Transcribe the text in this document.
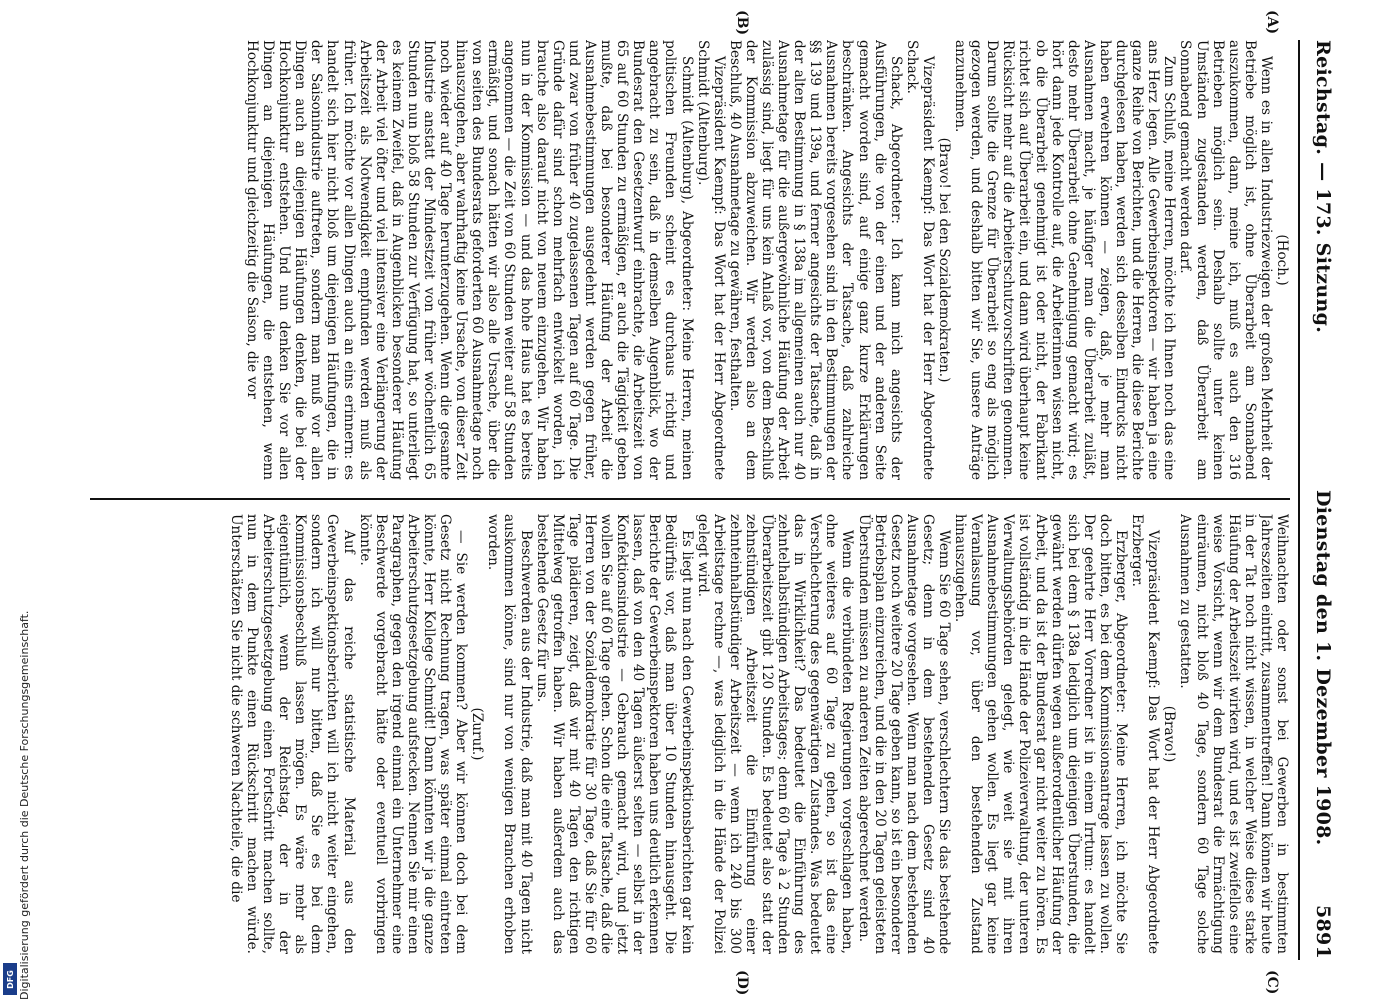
Reichstag. — 173. Sitzung.
Dienstag den 1. Dezember 1908.
5891
(A)
(B)
(C)
(D)

(Hoch.)

Wenn es in allen Industriezweigen der großen Mehrheit der Betriebe möglich ist, ohne Überarbeit am Sonnabend auszukommen, dann, meine ich, muß es auch den 316 Betrieben möglich sein. Deshalb sollte unter keinen Umständen zugestanden werden, daß Überarbeit am Sonnabend gemacht werden darf.

Zum Schluß, meine Herren, möchte ich Ihnen noch das eine ans Herz legen. Alle Gewerbeinspektoren — wir haben ja eine ganze Reihe von Berichten, und die Herren, die diese Berichte durchgelesen haben, werden sich desselben Eindrucks nicht haben erwehren können — zeigen, daß, je mehr man Ausnahmen macht, je häufiger man die Überarbeit zuläßt, desto mehr Überarbeit ohne Genehmigung gemacht wird; es hört dann jede Kontrolle auf, die Arbeiterinnen wissen nicht, ob die Überarbeit genehmigt ist oder nicht, der Fabrikant richtet sich auf Überarbeit ein, und dann wird überhaupt keine Rücksicht mehr auf die Arbeiterschutzvorschriften genommen. Darum sollte die Grenze für Überarbeit so eng als möglich gezogen werden, und deshalb bitten wir Sie, unsere Anträge anzunehmen.

(Bravo! bei den Sozialdemokraten.)

Vizepräsident Kaempf: Das Wort hat der Herr Abgeordnete Schack.

Schack, Abgeordneter: Ich kann mich angesichts der Ausführungen, die von der einen und der anderen Seite gemacht worden sind, auf einige ganz kurze Erklärungen beschränken. Angesichts der Tatsache, daß zahlreiche Ausnahmen bereits vorgesehen sind in den Bestimmungen der §§ 139 und 139a, und ferner angesichts der Tatsache, daß in der alten Bestimmung in § 138a im allgemeinen auch nur 40 Ausnahmetage für die außergewöhnliche Häufung der Arbeit zulässig sind, liegt für uns kein Anlaß vor, von dem Beschluß der Kommission abzuweichen. Wir werden also an dem Beschluß, 40 Ausnahmetage zu gewähren, festhalten.

Vizepräsident Kaempf: Das Wort hat der Herr Abgeordnete Schmidt (Altenburg).

Schmidt (Altenburg), Abgeordneter: Meine Herren, meinen politischen Freunden scheint es durchaus richtig und angebracht zu sein, daß in demselben Augenblick, wo der Bundesrat den Gesetzentwurf einbrachte, die Arbeitszeit von 65 auf 60 Stunden zu ermäßigen, er auch die Tägigkeit geben mußte, daß bei besonderer Häufung der Arbeit die Ausnahmebestimmungen ausgedehnt werden gegen früher, und zwar von früher 40 zugelassenen Tagen auf 60 Tage. Die Gründe dafür sind schon mehrfach entwickelt worden, ich brauche also darauf nicht von neuem einzugehen. Wir haben nun in der Kommission — und das hohe Haus hat es bereits angenommen — die Zeit von 60 Stunden weiter auf 58 Stunden ermäßigt, und sonach hätten wir also alle Ursache, über die von seiten des Bundesrats geforderten 60 Ausnahmetage noch hinauszugehen, aber wahrhaftig keine Ursache, von dieser Zeit noch wieder auf 40 Tage herunterzugehen. Wenn die gesamte Industrie anstatt der Mindestzeit von früher wöchentlich 65 Stunden nun bloß 58 Stunden zur Verfügung hat, so unterliegt es keinem Zweifel, daß in Augenblicken besonderer Häufung der Arbeit viel öfter und viel intensiver eine Verlängerung der Arbeitszeit als Notwendigkeit empfunden werden muß als früher. Ich möchte vor allen Dingen auch an eins erinnern: es handelt sich hier nicht bloß um diejenigen Häufungen, die in der Saisonindustrie auftreten, sondern man muß vor allen Dingen auch an diejenigen Häufungen denken, die bei der Hochkonjunktur entstehen. Und nun denken Sie vor allen Dingen an diejenigen Häufungen, die entstehen, wenn Hochkonjunktur und gleichzeitig die Saison, die vor

Weihnachten oder sonst bei Gewerben in bestimmten Jahreszeiten eintritt, zusammentreffen! Dann können wir heute in der Tat noch nicht wissen, in welcher Weise diese starke Häufung der Arbeitszeit wirken wird, und es ist zweifellos eine weise Vorsicht, wenn wir dem Bundesrat die Ermächtigung einräumen, nicht bloß 40 Tage, sondern 60 Tage solche Ausnahmen zu gestatten.

(Bravo!)

Vizepräsident Kaempf: Das Wort hat der Herr Abgeordnete Erzberger.

Erzberger, Abgeordneter: Meine Herren, ich möchte Sie doch bitten, es bei dem Kommissionsantrage lassen zu wollen. Der geehrte Herr Vorredner ist in einem Irrtum: es handelt sich bei dem § 138a lediglich um diejenigen Überstunden, die gewährt werden dürfen wegen außerordentlicher Häufung der Arbeit, und da ist der Bundesrat gar nicht weiter zu hören. Es ist vollständig in die Hände der Polizeiverwaltung, der unteren Verwaltungsbehörden gelegt, wie weit sie mit ihren Ausnahmebestimmungen gehen wollen. Es liegt gar keine Veranlassung vor, über den bestehenden Zustand hinauszugehen.

Wenn Sie 60 Tage sehen, verschlechtern Sie das bestehende Gesetz; denn in dem bestehenden Gesetz sind 40 Ausnahmetage vorgesehen. Wenn man nach dem bestehenden Gesetz noch weitere 20 Tage geben kann, so ist ein besonderer Betriebsplan einzureichen, und die in den 20 Tagen geleisteten Überstunden müssen zu anderen Zeiten abgerechnet werden.

Wenn die verbündeten Regierungen vorgeschlagen haben, ohne weiteres auf 60 Tage zu gehen, so ist das eine Verschlechterung des gegenwärtigen Zustandes. Was bedeutet das in Wirklichkeit? Das bedeutet die Einführung des zehntelhalbstündigen Arbeitstages; denn 60 Tage à 2 Stunden Überarbeitszeit gibt 120 Stunden. Es bedeutet also statt der zehnstündigen Arbeitszeit die Einführung einer zehnteinhalbstündiger Arbeitszeit — wenn ich 240 bis 300 Arbeitstage rechne —, was lediglich in die Hände der Polizei gelegt wird.

Es liegt nun nach den Gewerbeinspektionsberichten gar kein Bedürfnis vor, daß man über 10 Stunden hinausgeht. Die Berichte der Gewerbeinspektoren haben uns deutlich erkennen lassen, daß von den 40 Tagen äußerst selten — selbst in der Konfektionsindustrie — Gebrauch gemacht wird, und jetzt wollen Sie auf 60 Tage gehen. Schon die eine Tatsache, daß die Herren von der Sozialdemokratie für 30 Tage, daß Sie für 60 Tage plädieren, zeigt, daß wir mit 40 Tagen den richtigen Mittelweg getroffen haben. Wir haben außerdem auch das bestehende Gesetz für uns.

Beschwerden aus der Industrie, daß man mit 40 Tagen nicht auskommen könne, sind nur von wenigen Branchen erhoben worden.

(Zuruf.)

— Sie werden kommen? Aber wir können doch bei dem Gesetz nicht Rechnung tragen, was später einmal eintreten könnte, Herr Kollege Schmidt! Dann könnten wir ja die ganze Arbeiterschutzgesetzgebung aufstecken. Nennen Sie mir einen Paragraphen, gegen den irgend einmal ein Unternehmer eine Beschwerde vorgebracht hätte oder eventuell vorbringen könnte.

Auf das reiche statistische Material aus den Gewerbeinspektionsberichten will ich nicht weiter eingehen, sondern ich will nur bitten, daß Sie es bei dem Kommissionsbeschluß lassen mögen. Es wäre mehr als eigentümlich, wenn der Reichstag, der in der Arbeiterschutzgesetzgebung einen Fortschritt machen sollte, nun in dem Punkte einen Rückschritt machen würde. Unterschätzen Sie nicht die schweren Nachteile, die die

Digitalisierung gefördert durch die Deutsche Forschungsgemeinschaft.
DFG
